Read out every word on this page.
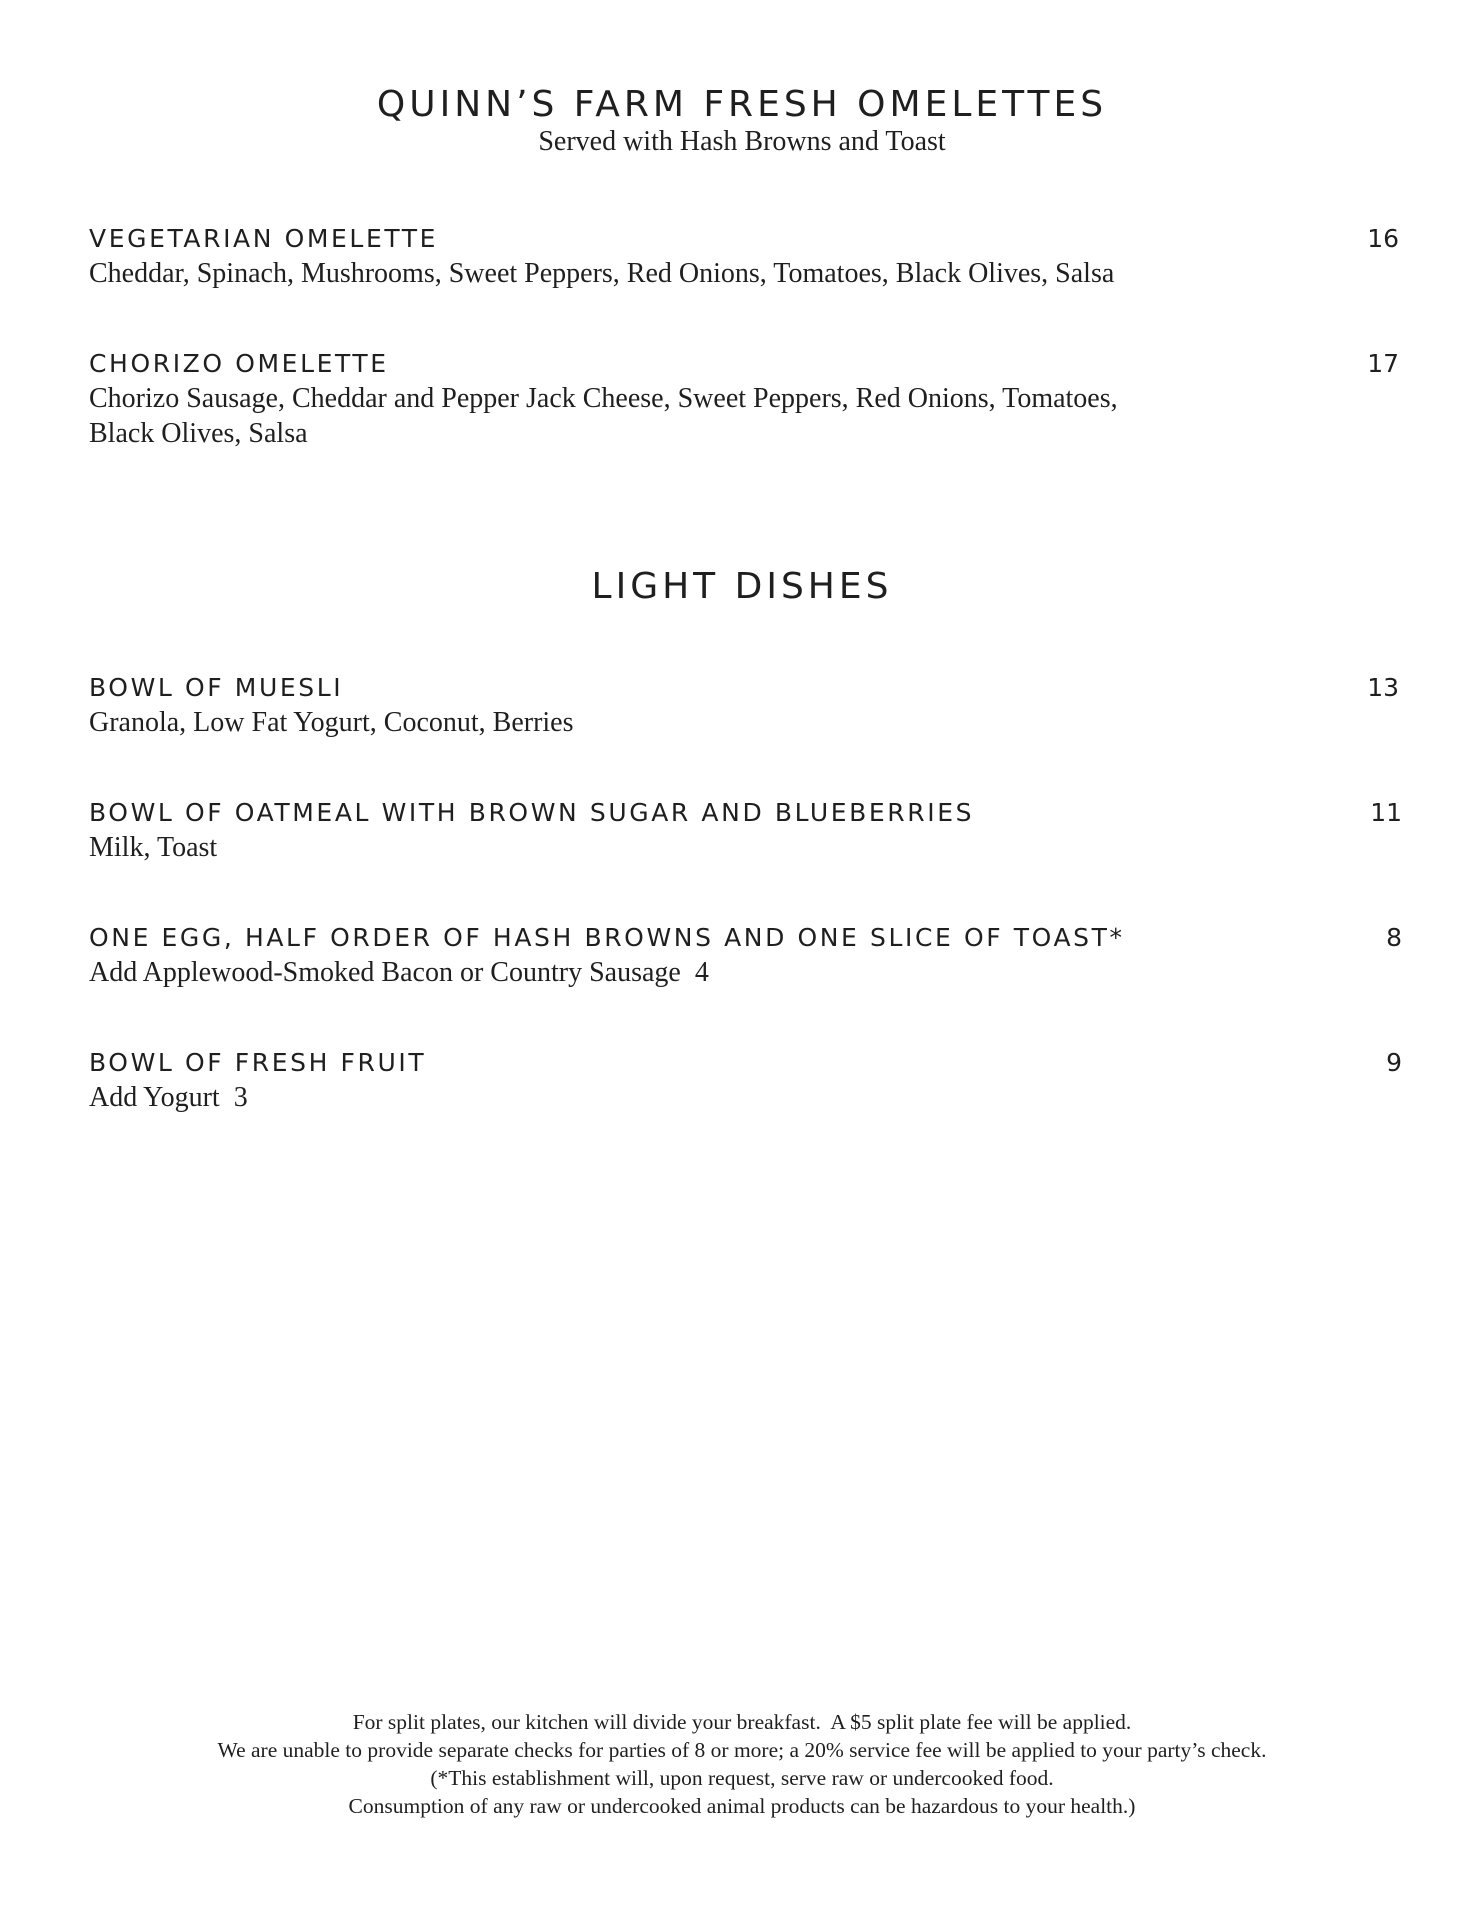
QUINN’S FARM FRESH OMELETTES
Served with Hash Browns and Toast
VEGETARIAN OMELETTE	16
Cheddar, Spinach, Mushrooms, Sweet Peppers, Red Onions, Tomatoes, Black Olives, Salsa
CHORIZO OMELETTE	17
Chorizo Sausage, Cheddar and Pepper Jack Cheese, Sweet Peppers, Red Onions, Tomatoes,
Black Olives, Salsa
LIGHT DISHES
BOWL OF MUESLI	13
Granola, Low Fat Yogurt, Coconut, Berries
BOWL OF OATMEAL WITH BROWN SUGAR AND BLUEBERRIES	11
Milk, Toast
ONE EGG, HALF ORDER OF HASH BROWNS AND ONE SLICE OF TOAST*	8
Add Applewood-Smoked Bacon or Country Sausage  4
BOWL OF FRESH FRUIT	9
Add Yogurt  3
For split plates, our kitchen will divide your breakfast.  A $5 split plate fee will be applied.
We are unable to provide separate checks for parties of 8 or more; a 20% service fee will be applied to your party’s check.
(*This establishment will, upon request, serve raw or undercooked food.
Consumption of any raw or undercooked animal products can be hazardous to your health.)
